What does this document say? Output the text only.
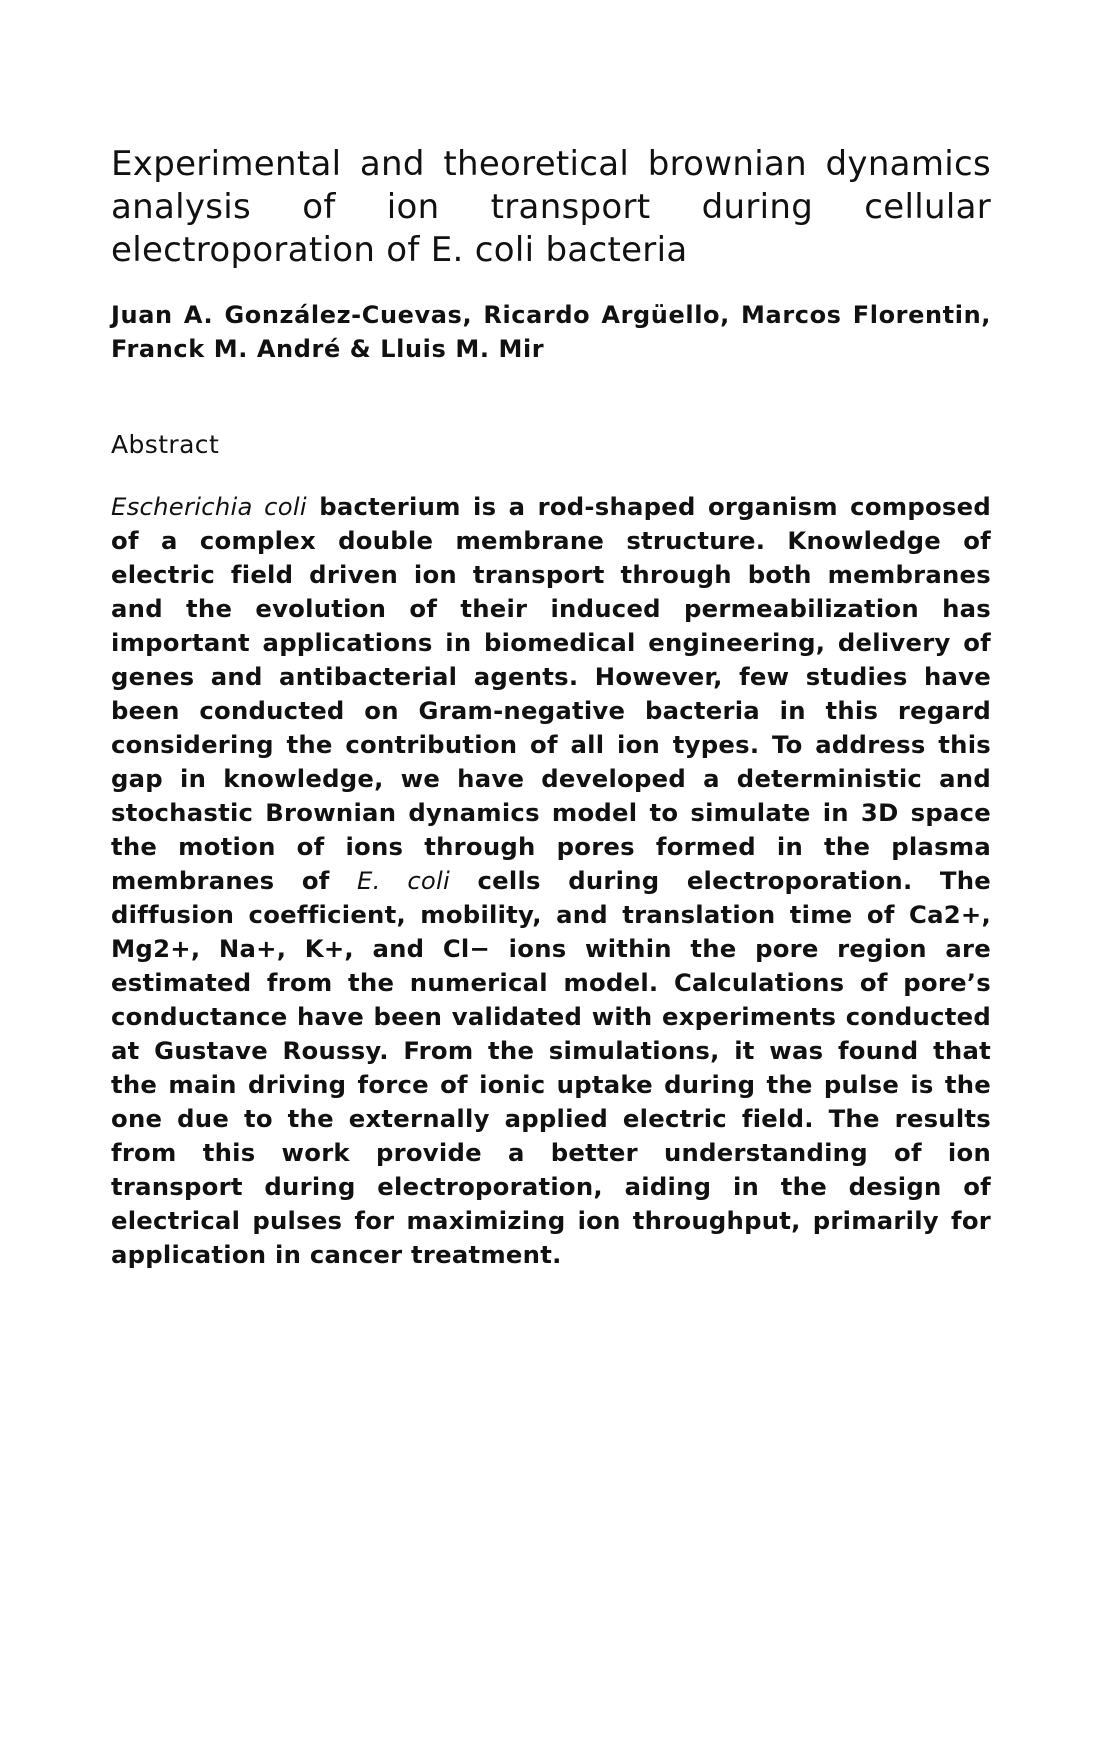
Experimental and theoretical brownian dynamics analysis of ion transport during cellular electroporation of E. coli bacteria

Juan A. González-Cuevas, Ricardo Argüello, Marcos Florentin, Franck M. André & Lluis M. Mir

Abstract

Escherichia coli bacterium is a rod-shaped organism composed of a complex double membrane structure. Knowledge of electric field driven ion transport through both membranes and the evolution of their induced permeabilization has important applications in biomedical engineering, delivery of genes and antibacterial agents. However, few studies have been conducted on Gram-negative bacteria in this regard considering the contribution of all ion types. To address this gap in knowledge, we have developed a deterministic and stochastic Brownian dynamics model to simulate in 3D space the motion of ions through pores formed in the plasma membranes of E. coli cells during electroporation. The diffusion coefficient, mobility, and translation time of Ca2+, Mg2+, Na+, K+, and Cl− ions within the pore region are estimated from the numerical model. Calculations of pore’s conductance have been validated with experiments conducted at Gustave Roussy. From the simulations, it was found that the main driving force of ionic uptake during the pulse is the one due to the externally applied electric field. The results from this work provide a better understanding of ion transport during electroporation, aiding in the design of electrical pulses for maximizing ion throughput, primarily for application in cancer treatment.
